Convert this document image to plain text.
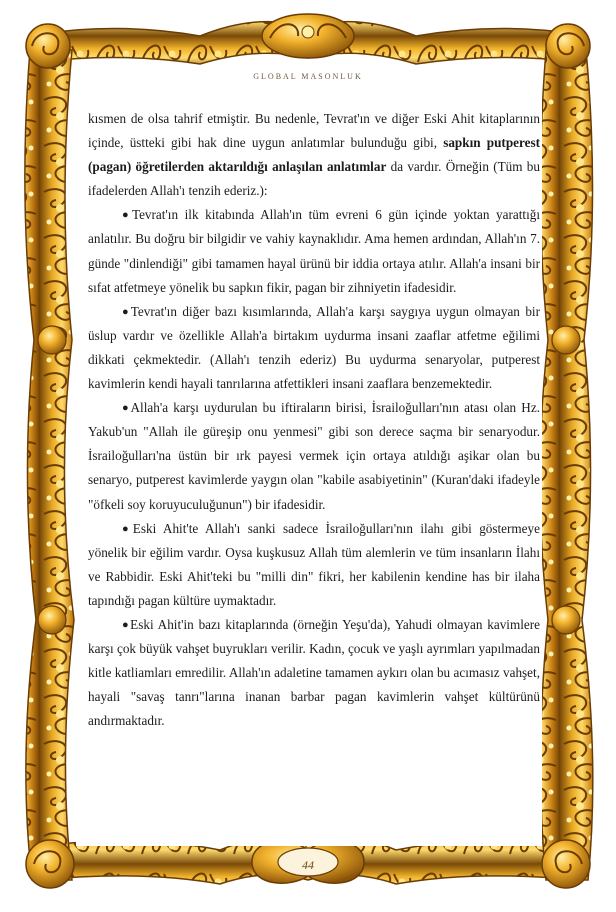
GLOBAL MASONLUK

kısmen de olsa tahrif etmiştir. Bu nedenle, Tevrat'ın ve diğer Eski Ahit kitaplarının içinde, üstteki gibi hak dine uygun anlatımlar bulunduğu gibi, sapkın putperest (pagan) öğretilerden aktarıldığı anlaşılan anlatımlar da vardır. Örneğin (Tüm bu ifadelerden Allah'ı tenzih ederiz.):

●Tevrat'ın ilk kitabında Allah'ın tüm evreni 6 gün içinde yoktan yarattığı anlatılır. Bu doğru bir bilgidir ve vahiy kaynaklıdır. Ama hemen ardından, Allah'ın 7. günde "dinlendiği" gibi tamamen hayal ürünü bir iddia ortaya atılır. Allah'a insani bir sıfat atfetmeye yönelik bu sapkın fikir, pagan bir zihniyetin ifadesidir.

●Tevrat'ın diğer bazı kısımlarında, Allah'a karşı saygıya uygun olmayan bir üslup vardır ve özellikle Allah'a birtakım uydurma insani zaaflar atfetme eğilimi dikkati çekmektedir. (Allah'ı tenzih ederiz) Bu uydurma senaryolar, putperest kavimlerin kendi hayali tanrılarına atfettikleri insani zaaflara benzemektedir.

●Allah'a karşı uydurulan bu iftiraların birisi, İsrailoğulları'nın atası olan Hz. Yakub'un "Allah ile güreşip onu yenmesi" gibi son derece saçma bir senaryodur. İsrailoğulları'na üstün bir ırk payesi vermek için ortaya atıldığı aşikar olan bu senaryo, putperest kavimlerde yaygın olan "kabile asabiyetinin" (Kuran'daki ifadeyle "öfkeli soy koruyuculuğunun") bir ifadesidir.

●Eski Ahit'te Allah'ı sanki sadece İsrailoğulları'nın ilahı gibi göstermeye yönelik bir eğilim vardır. Oysa kuşkusuz Allah tüm alemlerin ve tüm insanların İlahı ve Rabbidir. Eski Ahit'teki bu "milli din" fikri, her kabilenin kendine has bir ilaha tapındığı pagan kültüre uymaktadır.

●Eski Ahit'in bazı kitaplarında (örneğin Yeşu'da), Yahudi olmayan kavimlere karşı çok büyük vahşet buyrukları verilir. Kadın, çocuk ve yaşlı ayrımları yapılmadan kitle katliamları emredilir. Allah'ın adaletine tamamen aykırı olan bu acımasız vahşet, hayali "savaş tanrı"larına inanan barbar pagan kavimlerin vahşet kültürünü andırmaktadır.

44
